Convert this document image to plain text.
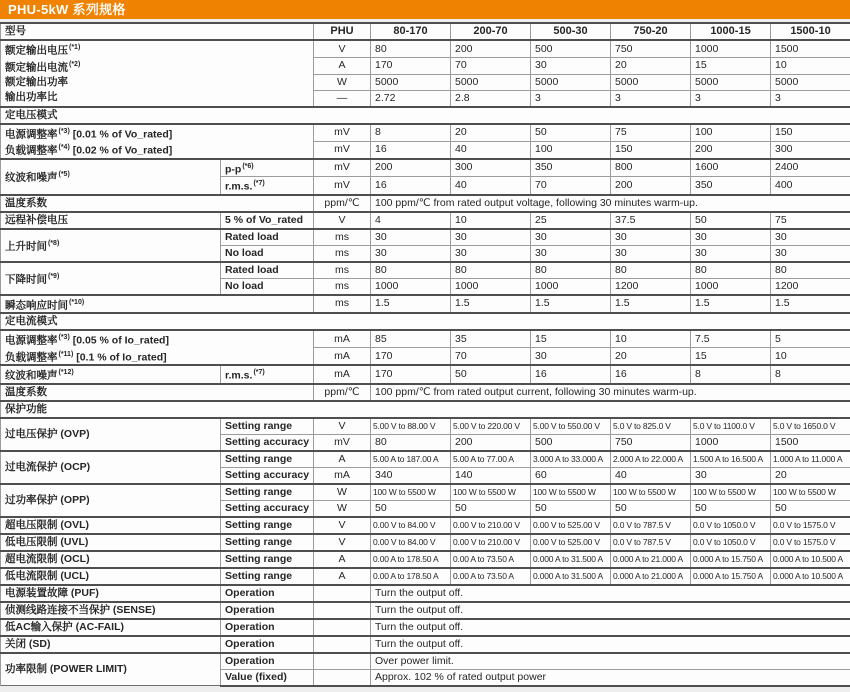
PHU-5kW 系列规格
型号		PHU	80-170	200-70	500-30	750-20	1000-15	1500-10
额定输出电压$^{(*1)}$		V	80	200	500	750	1000	1500
额定输出电流$^{(*2)}$		A	170	70	30	20	15	10
额定输出功率		W	5000	5000	5000	5000	5000	5000
输出功率比		—	2.72	2.8	3	3	3	3
定电压模式								
电源调整率$^{(*3)}$ [0.01 % of Vo_rated]		mV	8	20	50	75	100	150
负载调整率$^{(*4)}$ [0.02 % of Vo_rated]		mV	16	40	100	150	200	300
纹波和噪声$^{(*5)}$	$p-p^{(*6)}$	mV	200	300	350	800	1600	2400
	r.m.s.$^{(*7)}$	mV	16	40	70	200	350	400
温度系数		ppm/℃	100 ppm/℃ from rated output voltage, following 30 minutes warm-up.					
远程补偿电压	5 % of Vo_rated	V	4	10	25	37.5	50	75
上升时间$^{(*8)}$	Rated load	ms	30	30	30	30	30	30
	No load	ms	30	30	30	30	30	30
下降时间$^{(*9)}$	Rated load	ms	80	80	80	80	80	80
	No load	ms	1000	1000	1000	1200	1000	1200
瞬态响应时间$^{(*10)}$		ms	1.5	1.5	1.5	1.5	1.5	1.5
定电流模式								
电源调整率$^{(*3)}$ [0.05 % of Io_rated]		mA	85	35	15	10	7.5	5
负载调整率$^{(*11)}$ [0.1 % of Io_rated]		mA	170	70	30	20	15	10
纹波和噪声$^{(*12)}$	r.m.s.$^{(*7)}$	mA	170	50	16	16	8	8
温度系数		ppm/℃	100 ppm/℃ from rated output current, following 30 minutes warm-up.					
保护功能								
过电压保护 (OVP)	Setting range	V	5.00 V to 88.00 V	5.00 V to 220.00 V	5.00 V to 550.00 V	5.0 V to 825.0 V	5.0 V to 1100.0 V	5.0 V to 1650.0 V
	Setting accuracy	mV	80	200	500	750	1000	1500
过电流保护 (OCP)	Setting range	A	5.00 A to 187.00 A	5.00 A to 77.00 A	3.000 A to 33.000 A	2.000 A to 22.000 A	1.500 A to 16.500 A	1.000 A to 11.000 A
	Setting accuracy	mA	340	140	60	40	30	20
过功率保护 (OPP)	Setting range	W	100 W to 5500 W	100 W to 5500 W	100 W to 5500 W	100 W to 5500 W	100 W to 5500 W	100 W to 5500 W
	Setting accuracy	W	50	50	50	50	50	50
超电压限制 (OVL)	Setting range	V	0.00 V to 84.00 V	0.00 V to 210.00 V	0.00 V to 525.00 V	0.0 V to 787.5 V	0.0 V to 1050.0 V	0.0 V to 1575.0 V
低电压限制 (UVL)	Setting range	V	0.00 V to 84.00 V	0.00 V to 210.00 V	0.00 V to 525.00 V	0.0 V to 787.5 V	0.0 V to 1050.0 V	0.0 V to 1575.0 V
超电流限制 (OCL)	Setting range	A	0.00 A to 178.50 A	0.00 A to 73.50 A	0.000 A to 31.500 A	0.000 A to 21.000 A	0.000 A to 15.750 A	0.000 A to 10.500 A
低电流限制 (UCL)	Setting range	A	0.00 A to 178.50 A	0.00 A to 73.50 A	0.000 A to 31.500 A	0.000 A to 21.000 A	0.000 A to 15.750 A	0.000 A to 10.500 A
电源装置故障 (PUF)	Operation		Turn the output off.					
侦测线路连接不当保护 (SENSE)	Operation		Turn the output off.					
低AC输入保护 (AC-FAIL)	Operation		Turn the output off.					
关闭 (SD)	Operation		Turn the output off.					
功率限制 (POWER LIMIT)	Operation		Over power limit.					
	Value (fixed)		Approx. 102 % of rated output power					
